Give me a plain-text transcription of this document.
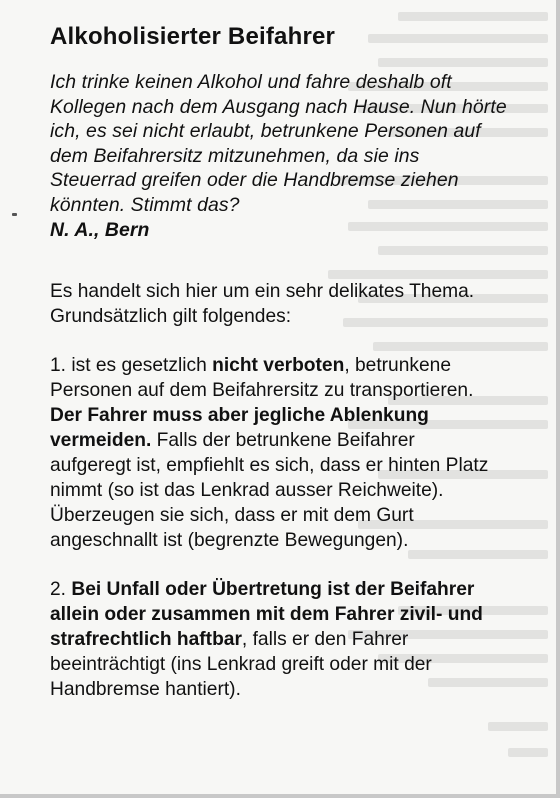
Alkoholisierter Beifahrer
Ich trinke keinen Alkohol und fahre deshalb oft
Kollegen nach dem Ausgang nach Hause. Nun hörte
ich, es sei nicht erlaubt, betrunkene Personen auf
dem Beifahrersitz mitzunehmen, da sie ins
Steuerrad greifen oder die Handbremse ziehen
könnten. Stimmt das?
N. A., Bern

Es handelt sich hier um ein sehr delikates Thema.
Grundsätzlich gilt folgendes:

1. ist es gesetzlich nicht verboten, betrunkene
Personen auf dem Beifahrersitz zu transportieren.
Der Fahrer muss aber jegliche Ablenkung
vermeiden. Falls der betrunkene Beifahrer
aufgeregt ist, empfiehlt es sich, dass er hinten Platz
nimmt (so ist das Lenkrad ausser Reichweite).
Überzeugen sie sich, dass er mit dem Gurt
angeschnallt ist (begrenzte Bewegungen).

2. Bei Unfall oder Übertretung ist der Beifahrer
allein oder zusammen mit dem Fahrer zivil- und
strafrechtlich haftbar, falls er den Fahrer
beeinträchtigt (ins Lenkrad greift oder mit der
Handbremse hantiert).
